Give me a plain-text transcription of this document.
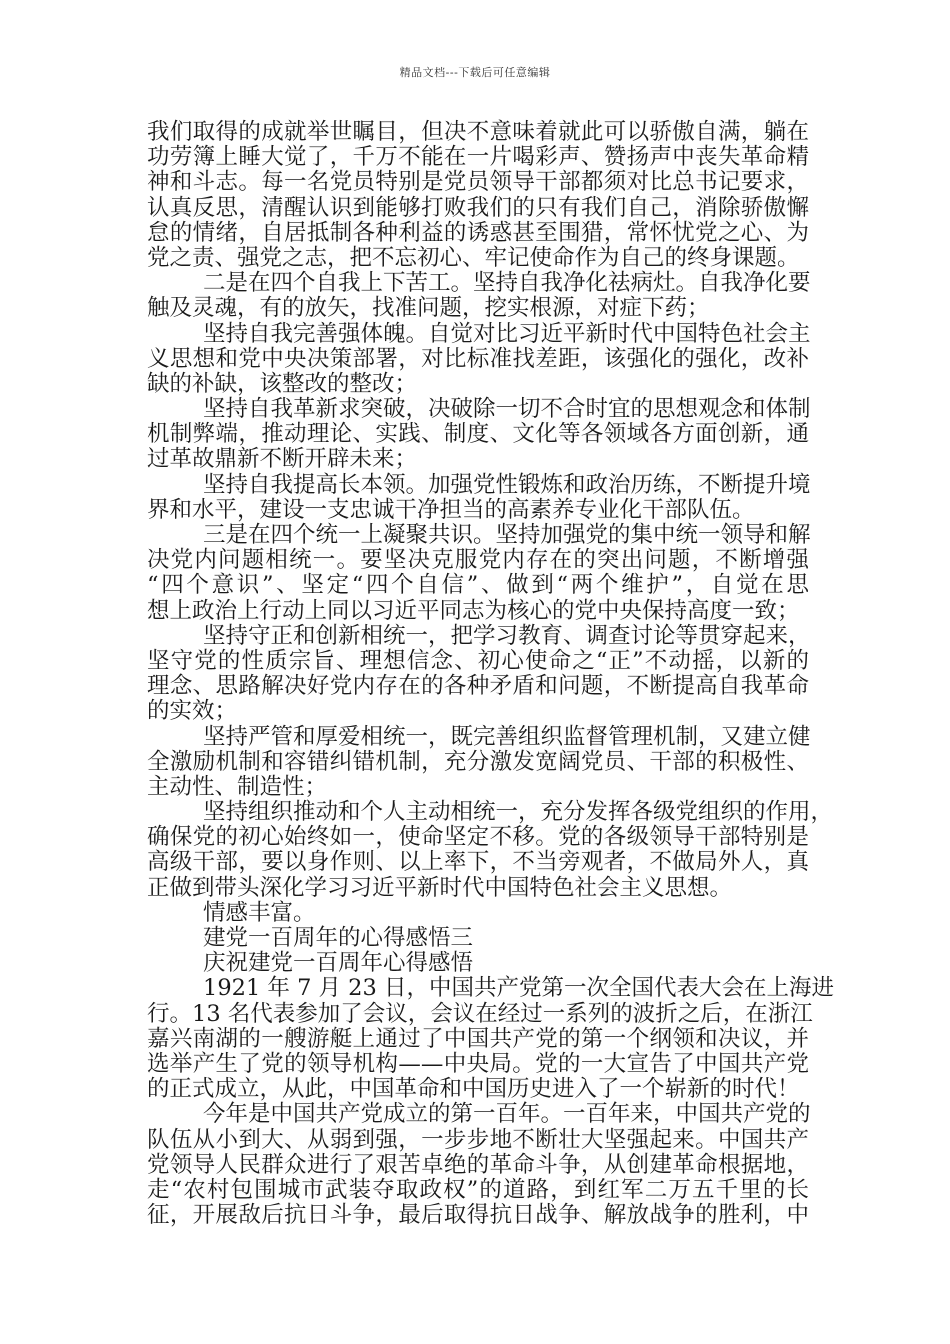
精品文档---下载后可任意编辑
我们取得的成就举世瞩目，但决不意味着就此可以骄傲自满，躺在
功劳簿上睡大觉了，千万不能在一片喝彩声、赞扬声中丧失革命精
神和斗志。每一名党员特别是党员领导干部都须对比总书记要求，
认真反思，清醒认识到能够打败我们的只有我们自己，消除骄傲懈
怠的情绪，自居抵制各种利益的诱惑甚至围猎，常怀忧党之心、为
党之责、强党之志，把不忘初心、牢记使命作为自己的终身课题。
二是在四个自我上下苦工。坚持自我净化祛病灶。自我净化要
触及灵魂，有的放矢，找准问题，挖实根源，对症下药；
坚持自我完善强体魄。自觉对比习近平新时代中国特色社会主
义思想和党中央决策部署，对比标准找差距，该强化的强化，改补
缺的补缺，该整改的整改；
坚持自我革新求突破，决破除一切不合时宜的思想观念和体制
机制弊端，推动理论、实践、制度、文化等各领域各方面创新，通
过革故鼎新不断开辟未来；
坚持自我提高长本领。加强党性锻炼和政治历练，不断提升境
界和水平，建设一支忠诚干净担当的高素养专业化干部队伍。
三是在四个统一上凝聚共识。坚持加强党的集中统一领导和解
决党内问题相统一。要坚决克服党内存在的突出问题，不断增强
“四个意识”、坚定“四个自信”、做到“两个维护”，自觉在思
想上政治上行动上同以习近平同志为核心的党中央保持高度一致；
坚持守正和创新相统一，把学习教育、调查讨论等贯穿起来，
坚守党的性质宗旨、理想信念、初心使命之“正”不动摇，以新的
理念、思路解决好党内存在的各种矛盾和问题，不断提高自我革命
的实效；
坚持严管和厚爱相统一，既完善组织监督管理机制，又建立健
全激励机制和容错纠错机制，充分激发宽阔党员、干部的积极性、
主动性、制造性；
坚持组织推动和个人主动相统一，充分发挥各级党组织的作用，
确保党的初心始终如一，使命坚定不移。党的各级领导干部特别是
高级干部，要以身作则、以上率下，不当旁观者，不做局外人，真
正做到带头深化学习习近平新时代中国特色社会主义思想。
情感丰富。
建党一百周年的心得感悟三
庆祝建党一百周年心得感悟
1921 年 7 月 23 日，中国共产党第一次全国代表大会在上海进
行。13 名代表参加了会议，会议在经过一系列的波折之后，在浙江
嘉兴南湖的一艘游艇上通过了中国共产党的第一个纲领和决议，并
选举产生了党的领导机构——中央局。党的一大宣告了中国共产党
的正式成立，从此，中国革命和中国历史进入了一个崭新的时代！
今年是中国共产党成立的第一百年。一百年来，中国共产党的
队伍从小到大、从弱到强，一步步地不断壮大坚强起来。中国共产
党领导人民群众进行了艰苦卓绝的革命斗争，从创建革命根据地，
走“农村包围城市武装夺取政权”的道路，到红军二万五千里的长
征，开展敌后抗日斗争，最后取得抗日战争、解放战争的胜利，中
